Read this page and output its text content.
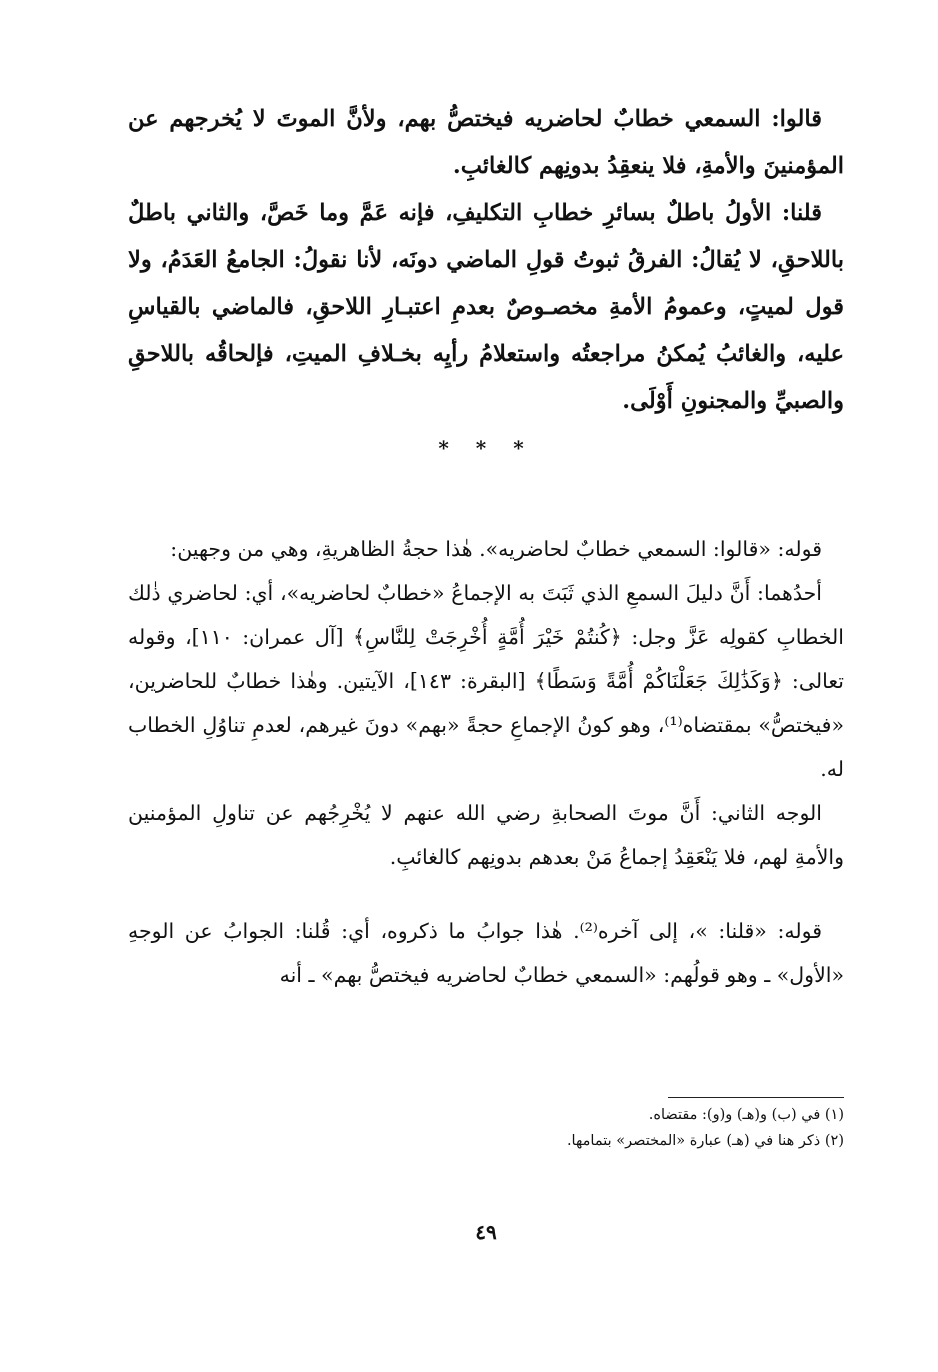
قالوا: السمعي خطابٌ لحاضريه فيختصُّ بهم، ولأنَّ الموتَ لا يُخرجهم عن المؤمنينَ والأمةِ، فلا ينعقِدُ بدونِهم كالغائبِ.

قلنا: الأولُ باطلٌ بسائرِ خطابِ التكليفِ، فإنه عَمَّ وما خَصَّ، والثاني باطلٌ باللاحقِ، لا يُقالُ: الفرقُ ثبوتُ قولِ الماضي دونَه، لأنا نقولُ: الجامعُ العَدَمُ، ولا قول لميتٍ، وعمومُ الأمةِ مخصـوصٌ بعدمِ اعتبـارِ اللاحقِ، فالماضي بالقياسِ عليه، والغائبُ يُمكنُ مراجعتُه واستعلامُ رأيِه بخـلافِ الميتِ، فإلحاقُه باللاحقِ والصبيِّ والمجنونِ أَوْلَى.

* * *

قوله: «قالوا: السمعي خطابٌ لحاضريه». هٰذا حجةُ الظاهريةِ، وهي من وجهين:

أحدُهما: أَنَّ دليلَ السمعِ الذي ثَبَتَ به الإجماعُ «خطابٌ لحاضريه»، أي: لحاضري ذٰلك الخطابِ كقولِه عَزَّ وجل: ﴿كُنتُمْ خَيْرَ أُمَّةٍ أُخْرِجَتْ لِلنَّاسِ﴾ [آل عمران: ١١٠]، وقوله تعالى: ﴿وَكَذَٰلِكَ جَعَلْنَاكُمْ أُمَّةً وَسَطًا﴾ [البقرة: ١٤٣]، الآيتين. وهٰذا خطابٌ للحاضرين، «فيختصُّ» بمقتضاه⁽¹⁾، وهو كونُ الإجماعِ حجةً «بهم» دونَ غيرهم، لعدمِ تناوُلِ الخطاب له.

الوجه الثاني: أَنَّ موتَ الصحابةِ رضي الله عنهم لا يُخْرِجُهم عن تناولِ المؤمنين والأمةِ لهم، فلا يَنْعَقِدُ إجماعُ مَنْ بعدهم بدونِهم كالغائبِ.

قوله: «قلنا: »، إلى آخره⁽²⁾. هٰذا جوابُ ما ذكروه، أي: قُلنا: الجوابُ عن الوجهِ «الأول» ـ وهو قولُهم: «السمعي خطابٌ لحاضريه فيختصُّ بهم» ـ أنه

(١) في (ب) و(هـ) و(و): مقتضاه.
(٢) ذكر هنا في (هـ) عبارة «المختصر» بتمامها.
٤٩
